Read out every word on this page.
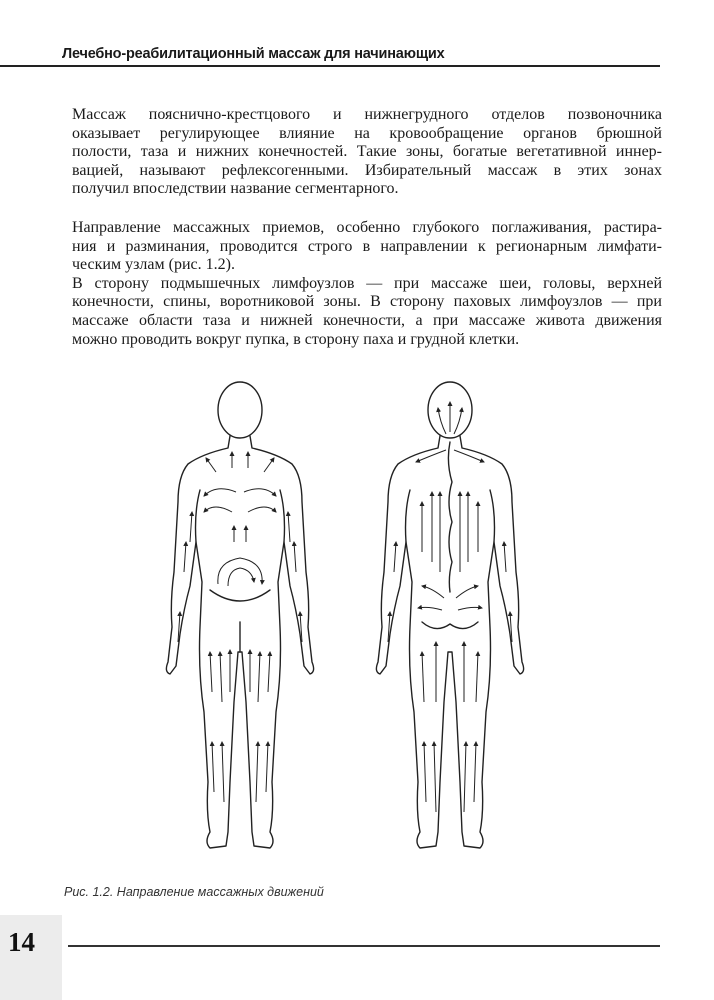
Лечебно-реабилитационный массаж для начинающих
Массаж пояснично-крестцового и нижнегрудного отделов позвоночника
оказывает регулирующее влияние на кровообращение органов брюшной
полости, таза и нижних конечностей. Такие зоны, богатые вегетативной иннер-
вацией, называют рефлексогенными. Избирательный массаж в этих зонах
получил впоследствии название сегментарного.
Направление массажных приемов, особенно глубокого поглаживания, растира-
ния и разминания, проводится строго в направлении к регионарным лимфати-
ческим узлам (рис. 1.2).
В сторону подмышечных лимфоузлов — при массаже шеи, головы, верхней
конечности, спины, воротниковой зоны. В сторону паховых лимфоузлов — при
массаже области таза и нижней конечности, а при массаже живота движения
можно проводить вокруг пупка, в сторону паха и грудной клетки.
Рис. 1.2. Направление массажных движений
14
